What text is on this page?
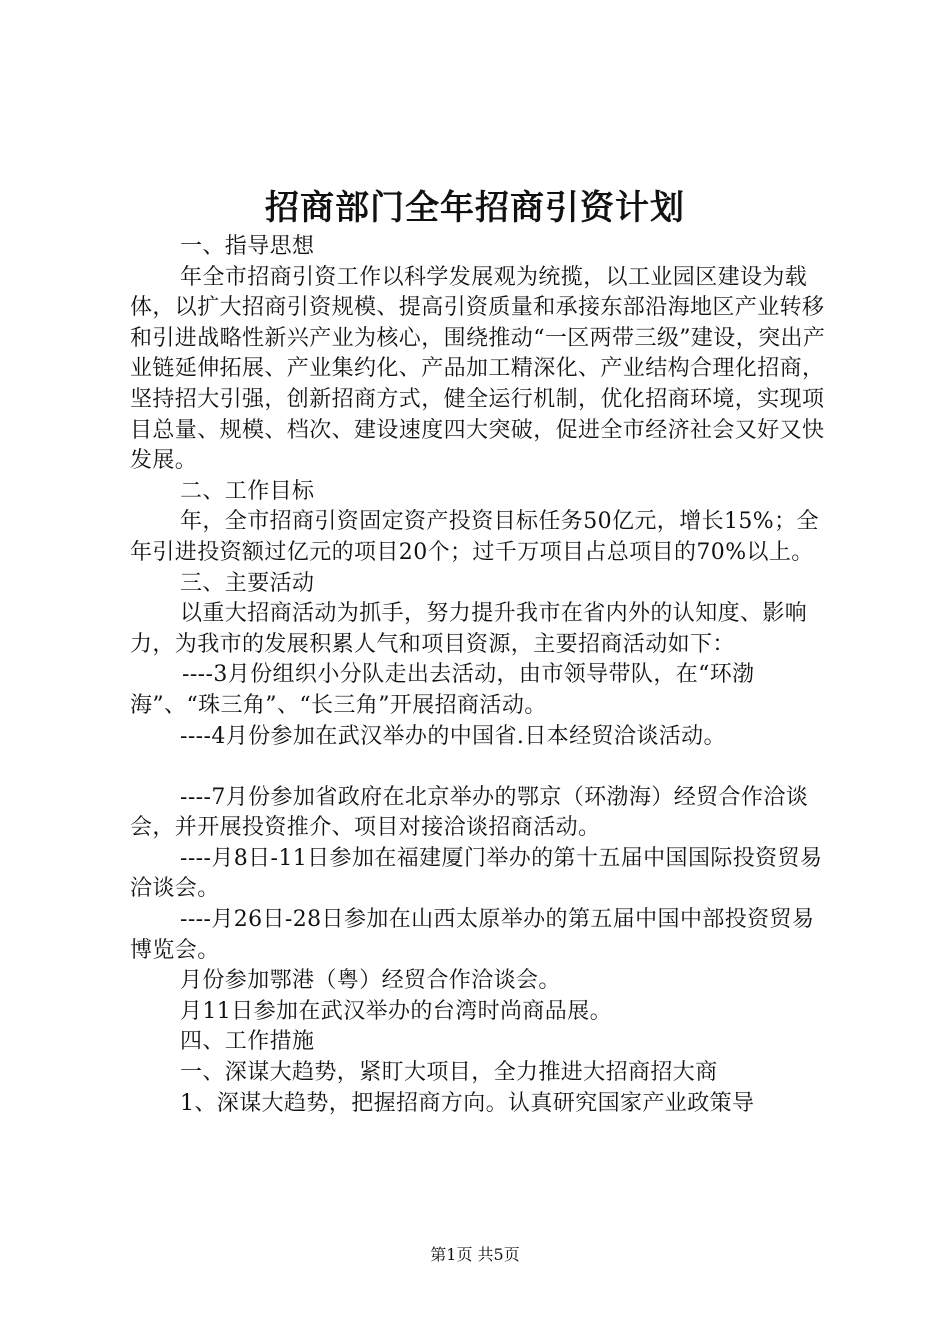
招商部门全年招商引资计划

一、指导思想

年全市招商引资工作以科学发展观为统揽，以工业园区建设为载体，以扩大招商引资规模、提高引资质量和承接东部沿海地区产业转移和引进战略性新兴产业为核心，围绕推动“一区两带三级”建设，突出产业链延伸拓展、产业集约化、产品加工精深化、产业结构合理化招商，坚持招大引强，创新招商方式，健全运行机制，优化招商环境，实现项目总量、规模、档次、建设速度四大突破，促进全市经济社会又好又快发展。

二、工作目标

年，全市招商引资固定资产投资目标任务50亿元，增长15%；全年引进投资额过亿元的项目20个；过千万项目占总项目的70%以上。

三、主要活动

以重大招商活动为抓手，努力提升我市在省内外的认知度、影响力，为我市的发展积累人气和项目资源，主要招商活动如下：

----3月份组织小分队走出去活动，由市领导带队，在“环渤海”、“珠三角”、“长三角”开展招商活动。

----4月份参加在武汉举办的中国省.日本经贸洽谈活动。

----7月份参加省政府在北京举办的鄂京（环渤海）经贸合作洽谈会，并开展投资推介、项目对接洽谈招商活动。

----月8日-11日参加在福建厦门举办的第十五届中国国际投资贸易洽谈会。

----月26日-28日参加在山西太原举办的第五届中国中部投资贸易博览会。

月份参加鄂港（粤）经贸合作洽谈会。

月11日参加在武汉举办的台湾时尚商品展。

四、工作措施

一、深谋大趋势，紧盯大项目，全力推进大招商招大商

1、深谋大趋势，把握招商方向。认真研究国家产业政策导

第1页 共5页
